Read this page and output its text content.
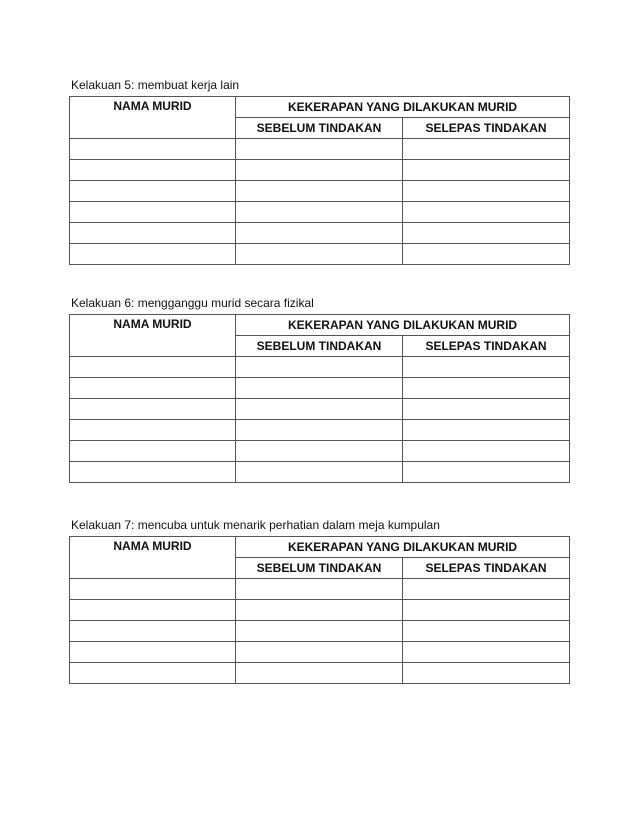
Kelakuan 5: membuat kerja lain
NAMA MURID	KEKERAPAN YANG DILAKUKAN MURID	
	SEBELUM TINDAKAN	SELEPAS TINDAKAN

Kelakuan 6: mengganggu murid secara fizikal
NAMA MURID	KEKERAPAN YANG DILAKUKAN MURID	
	SEBELUM TINDAKAN	SELEPAS TINDAKAN

Kelakuan 7: mencuba untuk menarik perhatian dalam meja kumpulan
NAMA MURID	KEKERAPAN YANG DILAKUKAN MURID	
	SEBELUM TINDAKAN	SELEPAS TINDAKAN
